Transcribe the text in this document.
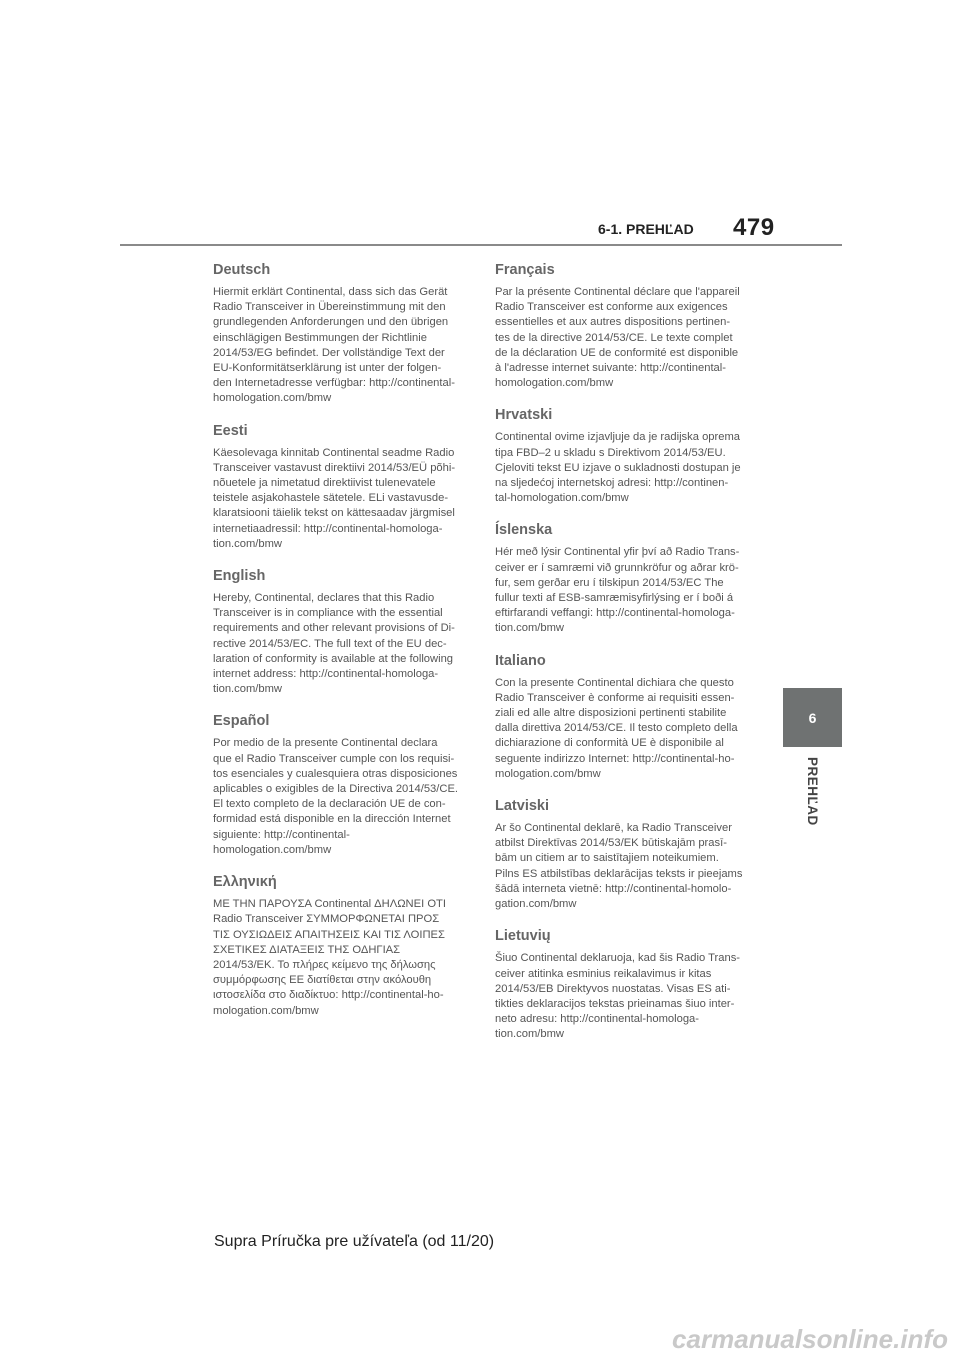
6-1. PREHĽAD 479
6
PREHĽAD
Deutsch

Hiermit erklärt Continental, dass sich das Gerät
Radio Transceiver in Übereinstimmung mit den
grundlegenden Anforderungen und den übrigen
einschlägigen Bestimmungen der Richtlinie
2014/53/EG befindet. Der vollständige Text der
EU-Konformitätserklärung ist unter der folgen-
den Internetadresse verfügbar: http://continental-
homologation.com/bmw

Eesti

Käesolevaga kinnitab Continental seadme Radio
Transceiver vastavust direktiivi 2014/53/EÜ põhi-
nõuetele ja nimetatud direktiivist tulenevatele
teistele asjakohastele sätetele. ELi vastavusde-
klaratsiooni täielik tekst on kättesaadav järgmisel
internetiaadressil: http://continental-homologa-
tion.com/bmw

English

Hereby, Continental, declares that this Radio
Transceiver is in compliance with the essential
requirements and other relevant provisions of Di-
rective 2014/53/EC. The full text of the EU dec-
laration of conformity is available at the following
internet address: http://continental-homologa-
tion.com/bmw

Español

Por medio de la presente Continental declara
que el Radio Transceiver cumple con los requisi-
tos esenciales y cualesquiera otras disposiciones
aplicables o exigibles de la Directiva 2014/53/CE.
El texto completo de la declaración UE de con-
formidad está disponible en la dirección Internet
siguiente: http://continental-
homologation.com/bmw

Ελληνική

ΜΕ ΤΗΝ ΠΑΡΟΥΣΑ Continental ΔΗΛΩΝΕΙ ΟΤΙ
Radio Transceiver ΣΥΜΜΟΡΦΩΝΕΤΑΙ ΠΡΟΣ
ΤΙΣ ΟΥΣΙΩΔΕΙΣ ΑΠΑΙΤΗΣΕΙΣ ΚΑΙ ΤΙΣ ΛΟΙΠΕΣ
ΣΧΕΤΙΚΕΣ ΔΙΑΤΑΞΕΙΣ ΤΗΣ ΟΔΗΓΙΑΣ
2014/53/ΕΚ. Το πλήρες κείμενο της δήλωσης
συμμόρφωσης ΕΕ διατίθεται στην ακόλουθη
ιστοσελίδα στο διαδίκτυο: http://continental-ho-
mologation.com/bmw

Français

Par la présente Continental déclare que l'appareil
Radio Transceiver est conforme aux exigences
essentielles et aux autres dispositions pertinen-
tes de la directive 2014/53/CE. Le texte complet
de la déclaration UE de conformité est disponible
à l'adresse internet suivante: http://continental-
homologation.com/bmw

Hrvatski

Continental ovime izjavljuje da je radijska oprema
tipa FBD–2 u skladu s Direktivom 2014/53/EU.
Cjeloviti tekst EU izjave o sukladnosti dostupan je
na sljedećoj internetskoj adresi: http://continen-
tal-homologation.com/bmw

Íslenska

Hér með lýsir Continental yfir því að Radio Trans-
ceiver er í samræmi við grunnkröfur og aðrar krö-
fur, sem gerðar eru í tilskipun 2014/53/EC The
fullur texti af ESB-samræmisyfirlýsing er í boði á
eftirfarandi veffangi: http://continental-homologa-
tion.com/bmw

Italiano

Con la presente Continental dichiara che questo
Radio Transceiver è conforme ai requisiti essen-
ziali ed alle altre disposizioni pertinenti stabilite
dalla direttiva 2014/53/CE. Il testo completo della
dichiarazione di conformità UE è disponibile al
seguente indirizzo Internet: http://continental-ho-
mologation.com/bmw

Latviski

Ar šo Continental deklarē, ka Radio Transceiver
atbilst Direktīvas 2014/53/EK būtiskajām prasī-
bām un citiem ar to saistītajiem noteikumiem.
Pilns ES atbilstības deklarācijas teksts ir pieejams
šādā interneta vietnē: http://continental-homolo-
gation.com/bmw

Lietuvių

Šiuo Continental deklaruoja, kad šis Radio Trans-
ceiver atitinka esminius reikalavimus ir kitas
2014/53/EB Direktyvos nuostatas. Visas ES ati-
tikties deklaracijos tekstas prieinamas šiuo inter-
neto adresu: http://continental-homologa-
tion.com/bmw

Supra Príručka pre užívateľa (od 11/20)
carmanualsonline.info
